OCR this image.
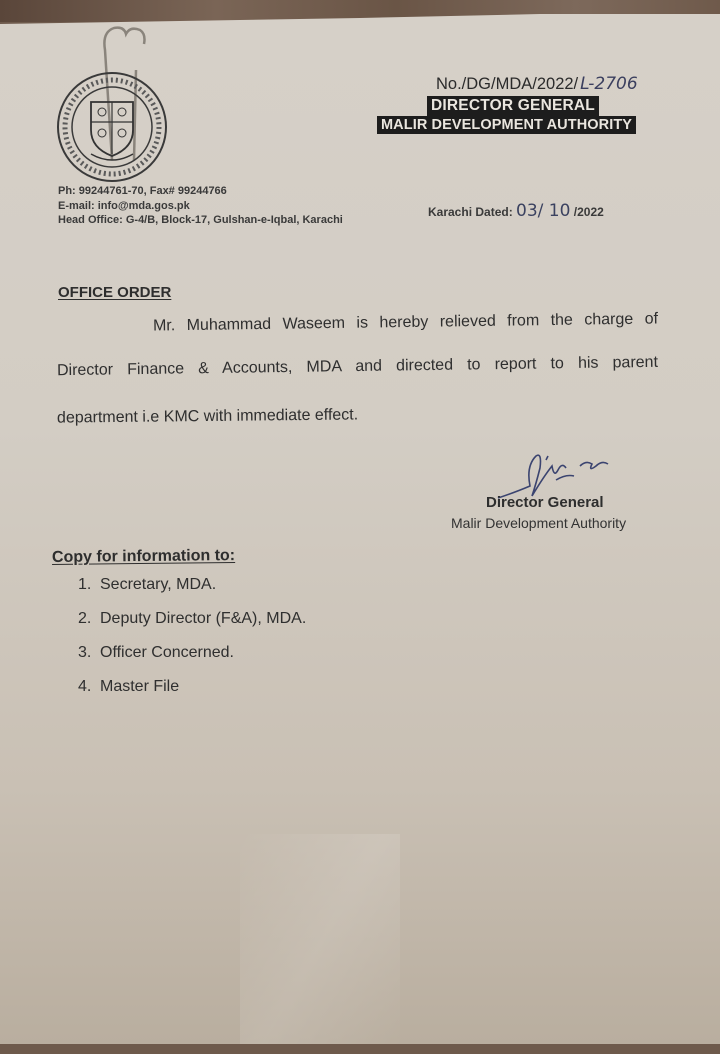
No./DG/MDA/2022/ L-2706
DIRECTOR GENERAL
MALIR DEVELOPMENT AUTHORITY
Ph: 99244761-70, Fax# 99244766
E-mail: info@mda.gos.pk
Head Office: G-4/B, Block-17, Gulshan-e-Iqbal, Karachi
Karachi Dated: 03/ 10 /2022
OFFICE ORDER
Mr. Muhammad Waseem is hereby relieved from the charge of
Director Finance & Accounts, MDA and directed to report to his parent
department i.e KMC with immediate effect.
Director General
Malir Development Authority
Copy for information to:
1. Secretary, MDA.
2. Deputy Director (F&A), MDA.
3. Officer Concerned.
4. Master File
